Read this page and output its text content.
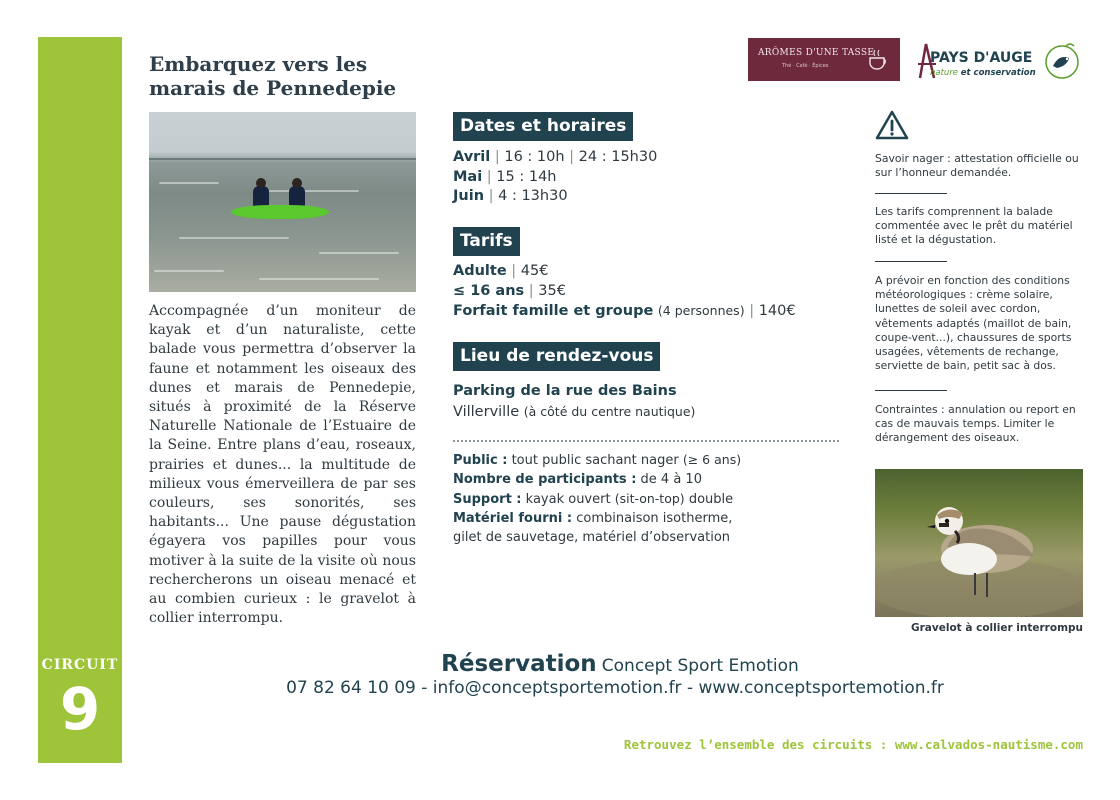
CIRCUIT
9
Embarquez vers les
marais de Pennedepie
Accompagnée d’un moniteur de kayak et d’un naturaliste, cette balade vous permettra d’observer la faune et notamment les oiseaux des dunes et marais de Pennedepie, situés à proximité de la Réserve Naturelle Nationale de l’Estuaire de la Seine. Entre plans d’eau, roseaux, prairies et dunes... la multitude de milieux vous émerveillera de par ses couleurs, ses sonorités, ses habitants... Une pause dégustation égayera vos papilles pour vous motiver à la suite de la visite où nous rechercherons un oiseau menacé et au combien curieux : le gravelot à collier interrompu.
Dates et horaires
Avril | 16 : 10h | 24 : 15h30
Mai | 15 : 14h
Juin | 4 : 13h30
Tarifs
Adulte | 45€
≤ 16 ans | 35€
Forfait famille et groupe (4 personnes) | 140€
Lieu de rendez-vous
Parking de la rue des Bains
Villerville (à côté du centre nautique)
Public : tout public sachant nager (≥ 6 ans)
Nombre de participants : de 4 à 10
Support : kayak ouvert (sit-on-top) double
Matériel fourni : combinaison isotherme,
gilet de sauvetage, matériel d’observation
ARÔMES D'UNE TASSE
Thé · Café · Épices	PAYS D'AUGE
nature et conservation
Savoir nager : attestation officielle ou sur l’honneur demandée.
Les tarifs comprennent la balade commentée avec le prêt du matériel listé et la dégustation.
A prévoir en fonction des conditions météorologiques : crème solaire, lunettes de soleil avec cordon, vêtements adaptés (maillot de bain, coupe-vent...), chaussures de sports usagées, vêtements de rechange, serviette de bain, petit sac à dos.
Contraintes : annulation ou report en cas de mauvais temps. Limiter le dérangement des oiseaux.
Gravelot à collier interrompu
Réservation Concept Sport Emotion
07 82 64 10 09 - info@conceptsportemotion.fr - www.conceptsportemotion.fr
Retrouvez l’ensemble des circuits : www.calvados-nautisme.com
